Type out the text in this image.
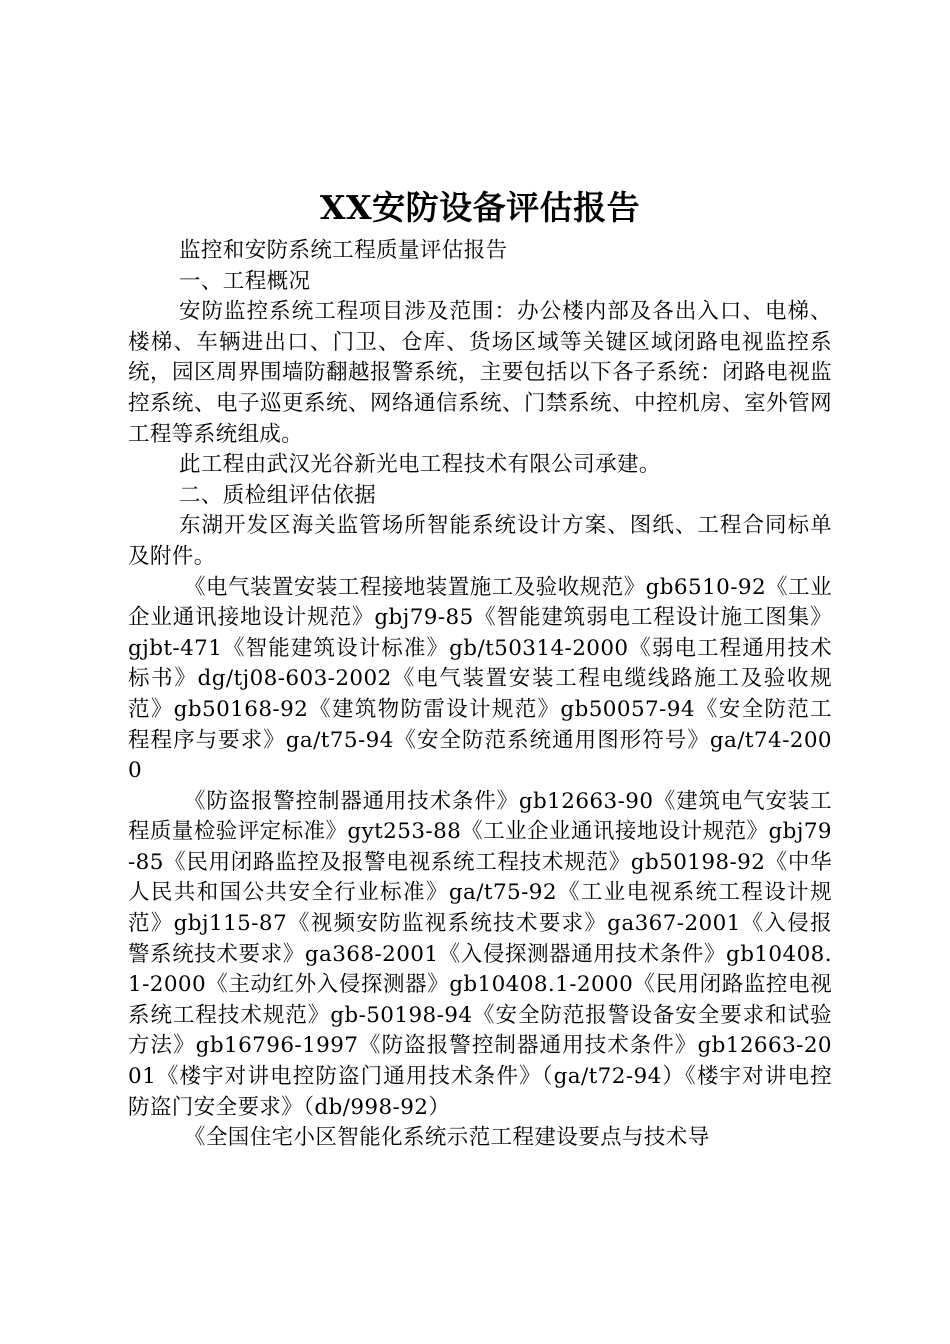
XX安防设备评估报告

监控和安防系统工程质量评估报告

一、工程概况

安防监控系统工程项目涉及范围：办公楼内部及各出入口、电梯、楼梯、车辆进出口、门卫、仓库、货场区域等关键区域闭路电视监控系统，园区周界围墙防翻越报警系统，主要包括以下各子系统：闭路电视监控系统、电子巡更系统、网络通信系统、门禁系统、中控机房、室外管网工程等系统组成。

此工程由武汉光谷新光电工程技术有限公司承建。

二、质检组评估依据

东湖开发区海关监管场所智能系统设计方案、图纸、工程合同标单及附件。

《电气装置安装工程接地装置施工及验收规范》gb6510-92《工业企业通讯接地设计规范》gbj79-85《智能建筑弱电工程设计施工图集》gjbt-471《智能建筑设计标准》gb/t50314-2000《弱电工程通用技术标书》dg/tj08-603-2002《电气装置安装工程电缆线路施工及验收规范》gb50168-92《建筑物防雷设计规范》gb50057-94《安全防范工程程序与要求》ga/t75-94《安全防范系统通用图形符号》ga/t74-2000

《防盗报警控制器通用技术条件》gb12663-90《建筑电气安装工程质量检验评定标准》gyt253-88《工业企业通讯接地设计规范》gbj79-85《民用闭路监控及报警电视系统工程技术规范》gb50198-92《中华人民共和国公共安全行业标准》ga/t75-92《工业电视系统工程设计规范》gbj115-87《视频安防监视系统技术要求》ga367-2001《入侵报警系统技术要求》ga368-2001《入侵探测器通用技术条件》gb10408.1-2000《主动红外入侵探测器》gb10408.1-2000《民用闭路监控电视系统工程技术规范》gb-50198-94《安全防范报警设备安全要求和试验方法》gb16796-1997《防盗报警控制器通用技术条件》gb12663-2001《楼宇对讲电控防盗门通用技术条件》（ga/t72-94）《楼宇对讲电控防盗门安全要求》（db/998-92）

《全国住宅小区智能化系统示范工程建设要点与技术导
